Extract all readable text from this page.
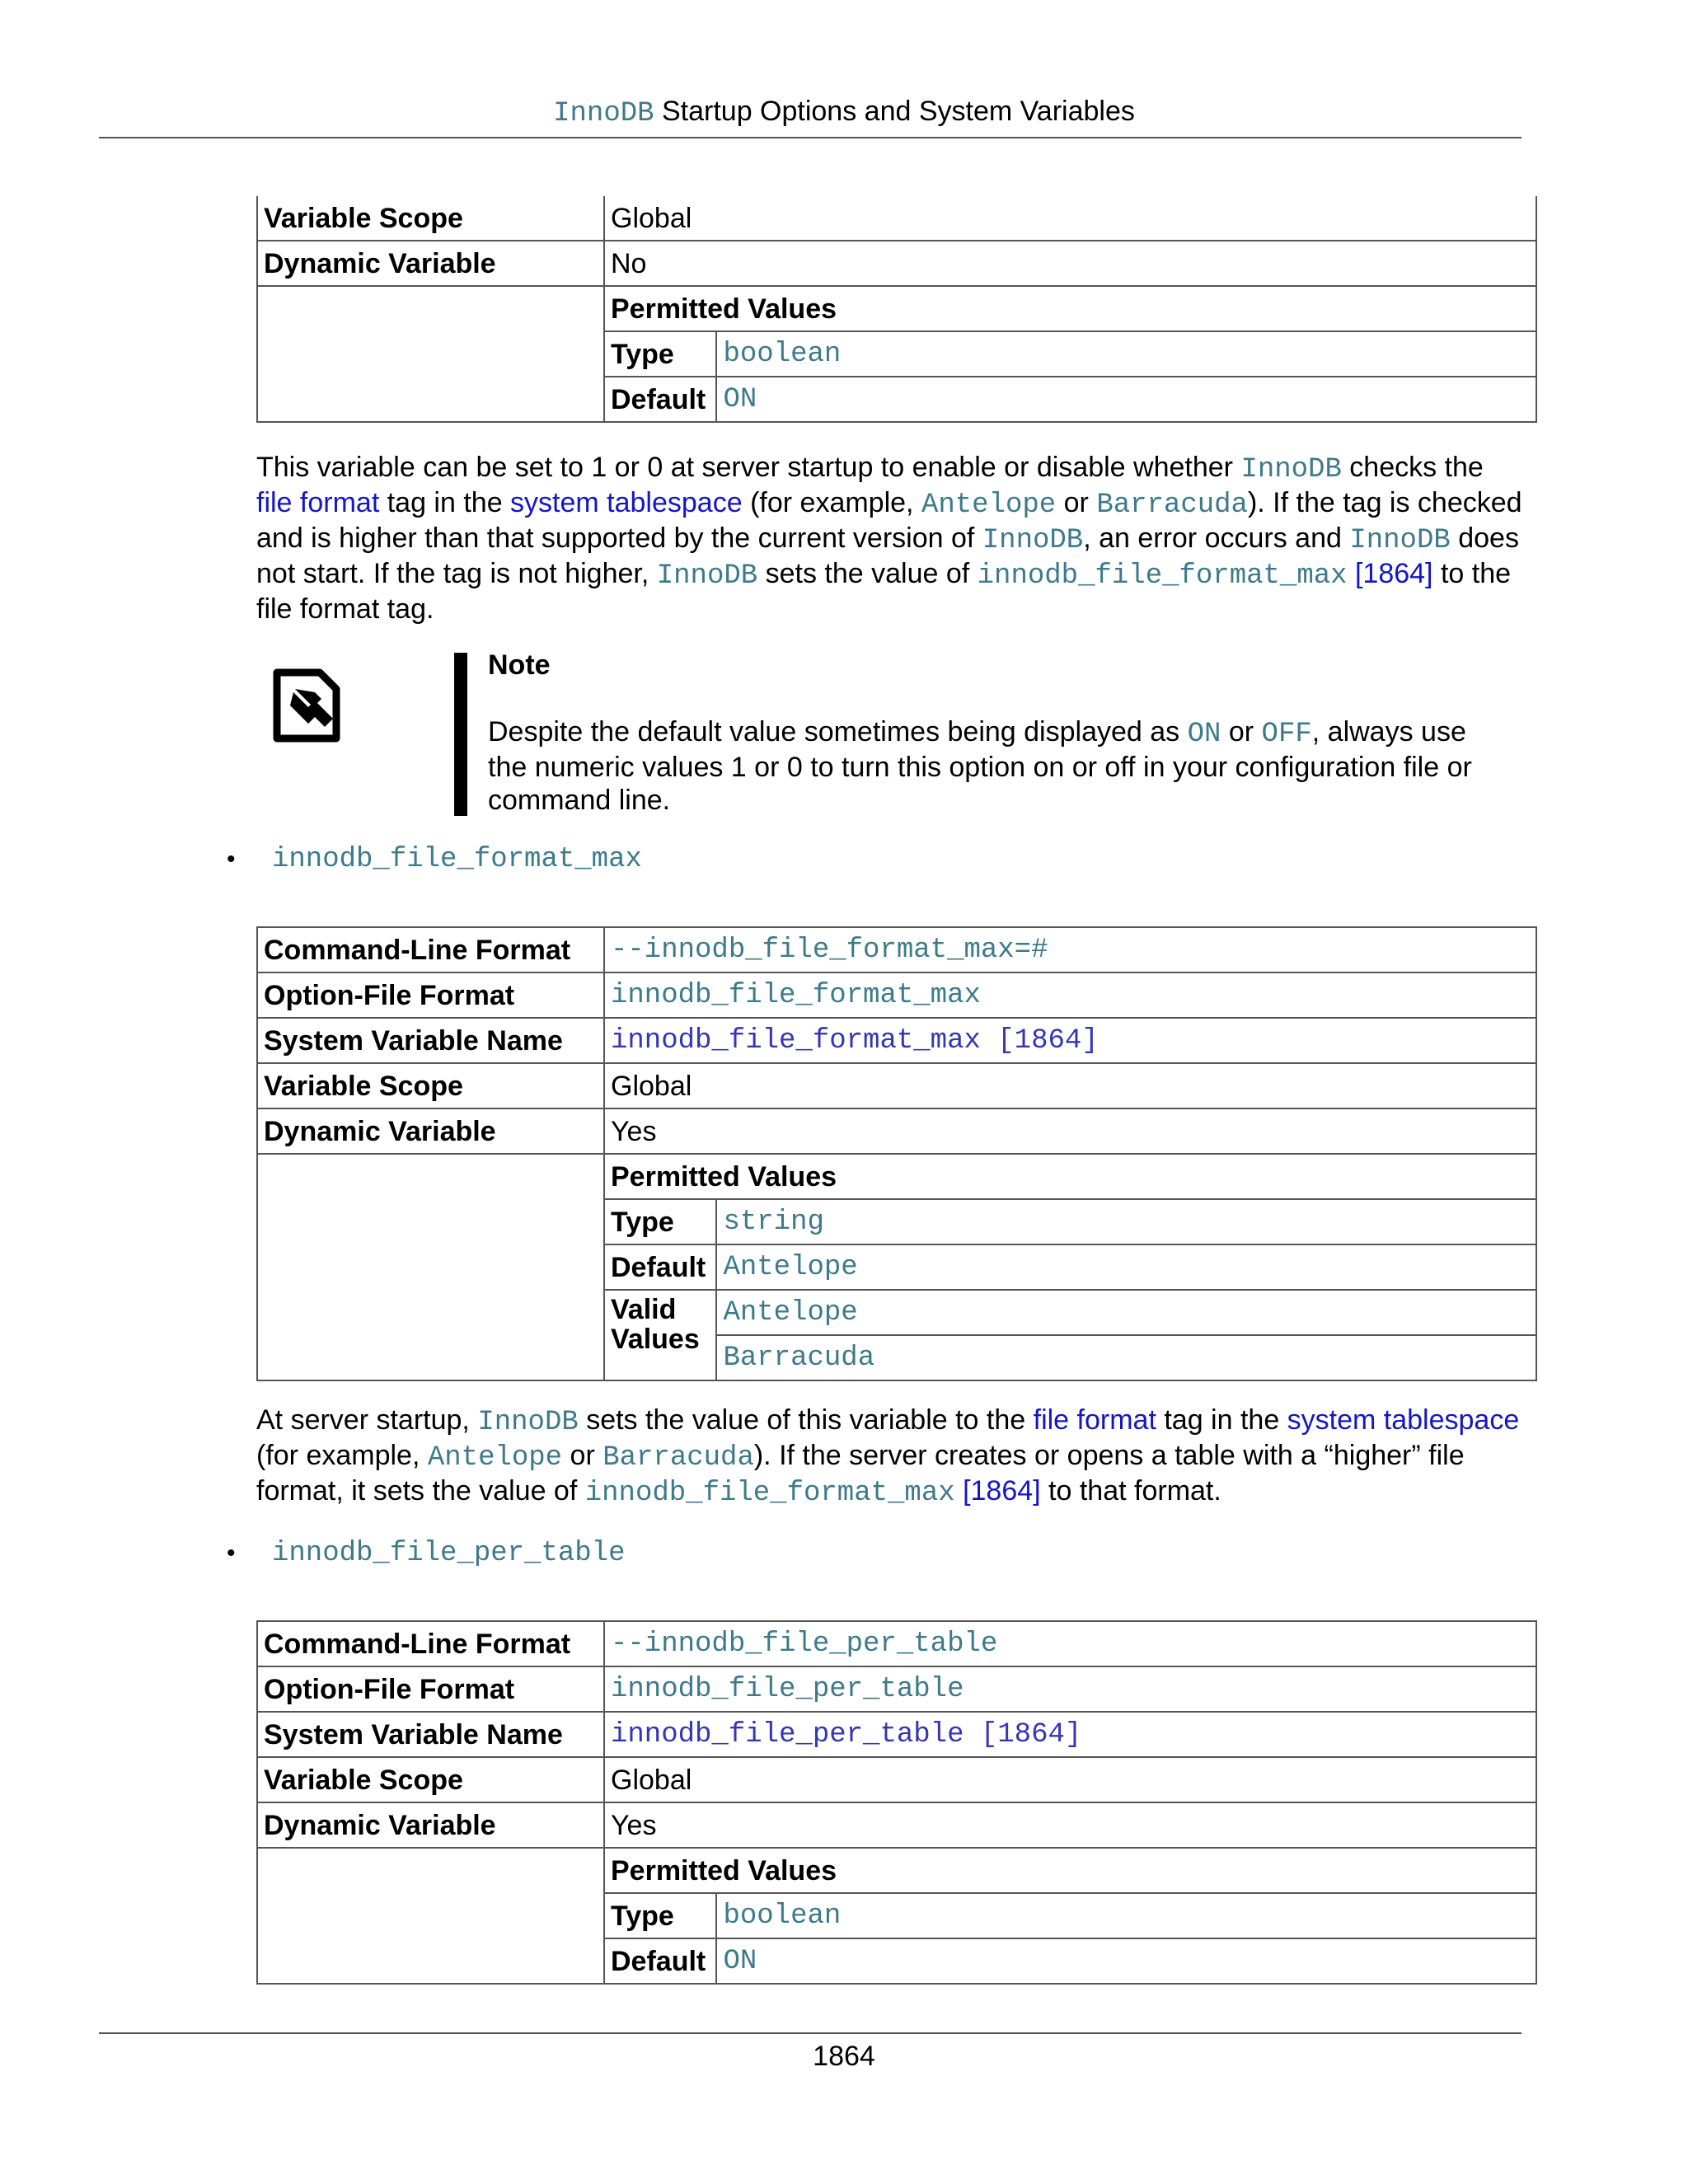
InnoDB Startup Options and System Variables
Variable Scope	Global	
Dynamic Variable	No	
	Permitted Values	
	Type	boolean
	Default	ON

This variable can be set to 1 or 0 at server startup to enable or disable whether InnoDB checks the file format tag in the system tablespace (for example, Antelope or Barracuda). If the tag is checked and is higher than that supported by the current version of InnoDB, an error occurs and InnoDB does not start. If the tag is not higher, InnoDB sets the value of innodb_file_format_max [1864] to the file format tag.

Note

Despite the default value sometimes being displayed as ON or OFF, always use the numeric values 1 or 0 to turn this option on or off in your configuration file or command line.

• innodb_file_format_max
Command-Line Format	--innodb_file_format_max=#	
Option-File Format	innodb_file_format_max	
System Variable Name	innodb_file_format_max [1864]	
Variable Scope	Global	
Dynamic Variable	Yes	
	Permitted Values	
	Type	string
	Default	Antelope
	Valid Values	Antelope
		Barracuda

At server startup, InnoDB sets the value of this variable to the file format tag in the system tablespace (for example, Antelope or Barracuda). If the server creates or opens a table with a “higher” file format, it sets the value of innodb_file_format_max [1864] to that format.

• innodb_file_per_table
Command-Line Format	--innodb_file_per_table	
Option-File Format	innodb_file_per_table	
System Variable Name	innodb_file_per_table [1864]	
Variable Scope	Global	
Dynamic Variable	Yes	
	Permitted Values	
	Type	boolean
	Default	ON
1864
